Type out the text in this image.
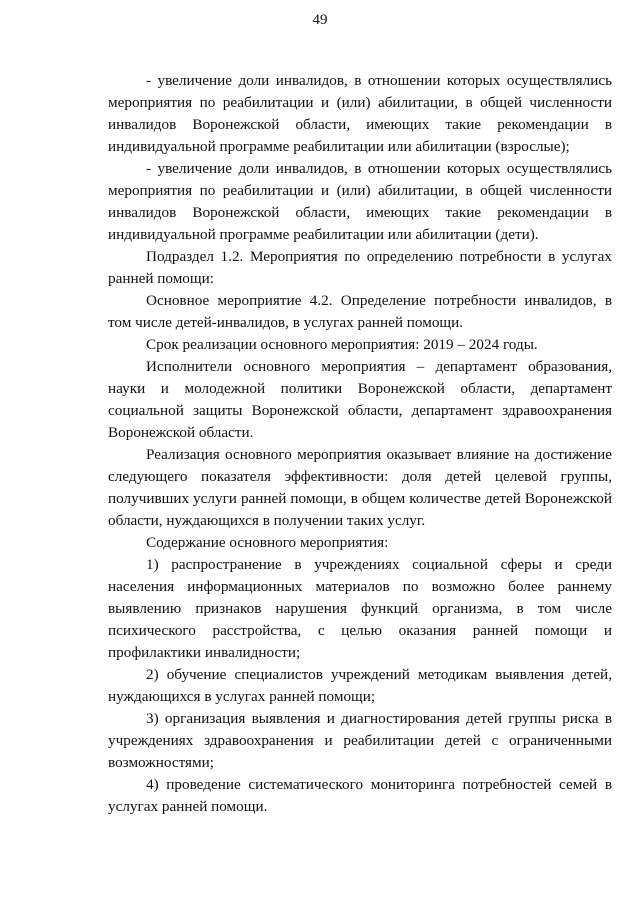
49

- увеличение доли инвалидов, в отношении которых осуществлялись мероприятия по реабилитации и (или) абилитации, в общей численности инвалидов Воронежской области, имеющих такие рекомендации в индивидуальной программе реабилитации или абилитации (взрослые);

- увеличение доли инвалидов, в отношении которых осуществлялись мероприятия по реабилитации и (или) абилитации, в общей численности инвалидов Воронежской области, имеющих такие рекомендации в индивидуальной программе реабилитации или абилитации (дети).

Подраздел 1.2. Мероприятия по определению потребности в услугах ранней помощи:

Основное мероприятие 4.2. Определение потребности инвалидов, в том числе детей-инвалидов, в услугах ранней помощи.

Срок реализации основного мероприятия: 2019 – 2024 годы.

Исполнители основного мероприятия – департамент образования, науки и молодежной политики Воронежской области, департамент социальной защиты Воронежской области, департамент здравоохранения Воронежской области.

Реализация основного мероприятия оказывает влияние на достижение следующего показателя эффективности: доля детей целевой группы, получивших услуги ранней помощи, в общем количестве детей Воронежской области, нуждающихся в получении таких услуг.

Содержание основного мероприятия:

1) распространение в учреждениях социальной сферы и среди населения информационных материалов по возможно более раннему выявлению признаков нарушения функций организма, в том числе психического расстройства, с целью оказания ранней помощи и профилактики инвалидности;

2) обучение специалистов учреждений методикам выявления детей, нуждающихся в услугах ранней помощи;

3) организация выявления и диагностирования детей группы риска в учреждениях здравоохранения и реабилитации детей с ограниченными возможностями;

4) проведение систематического мониторинга потребностей семей в услугах ранней помощи.
